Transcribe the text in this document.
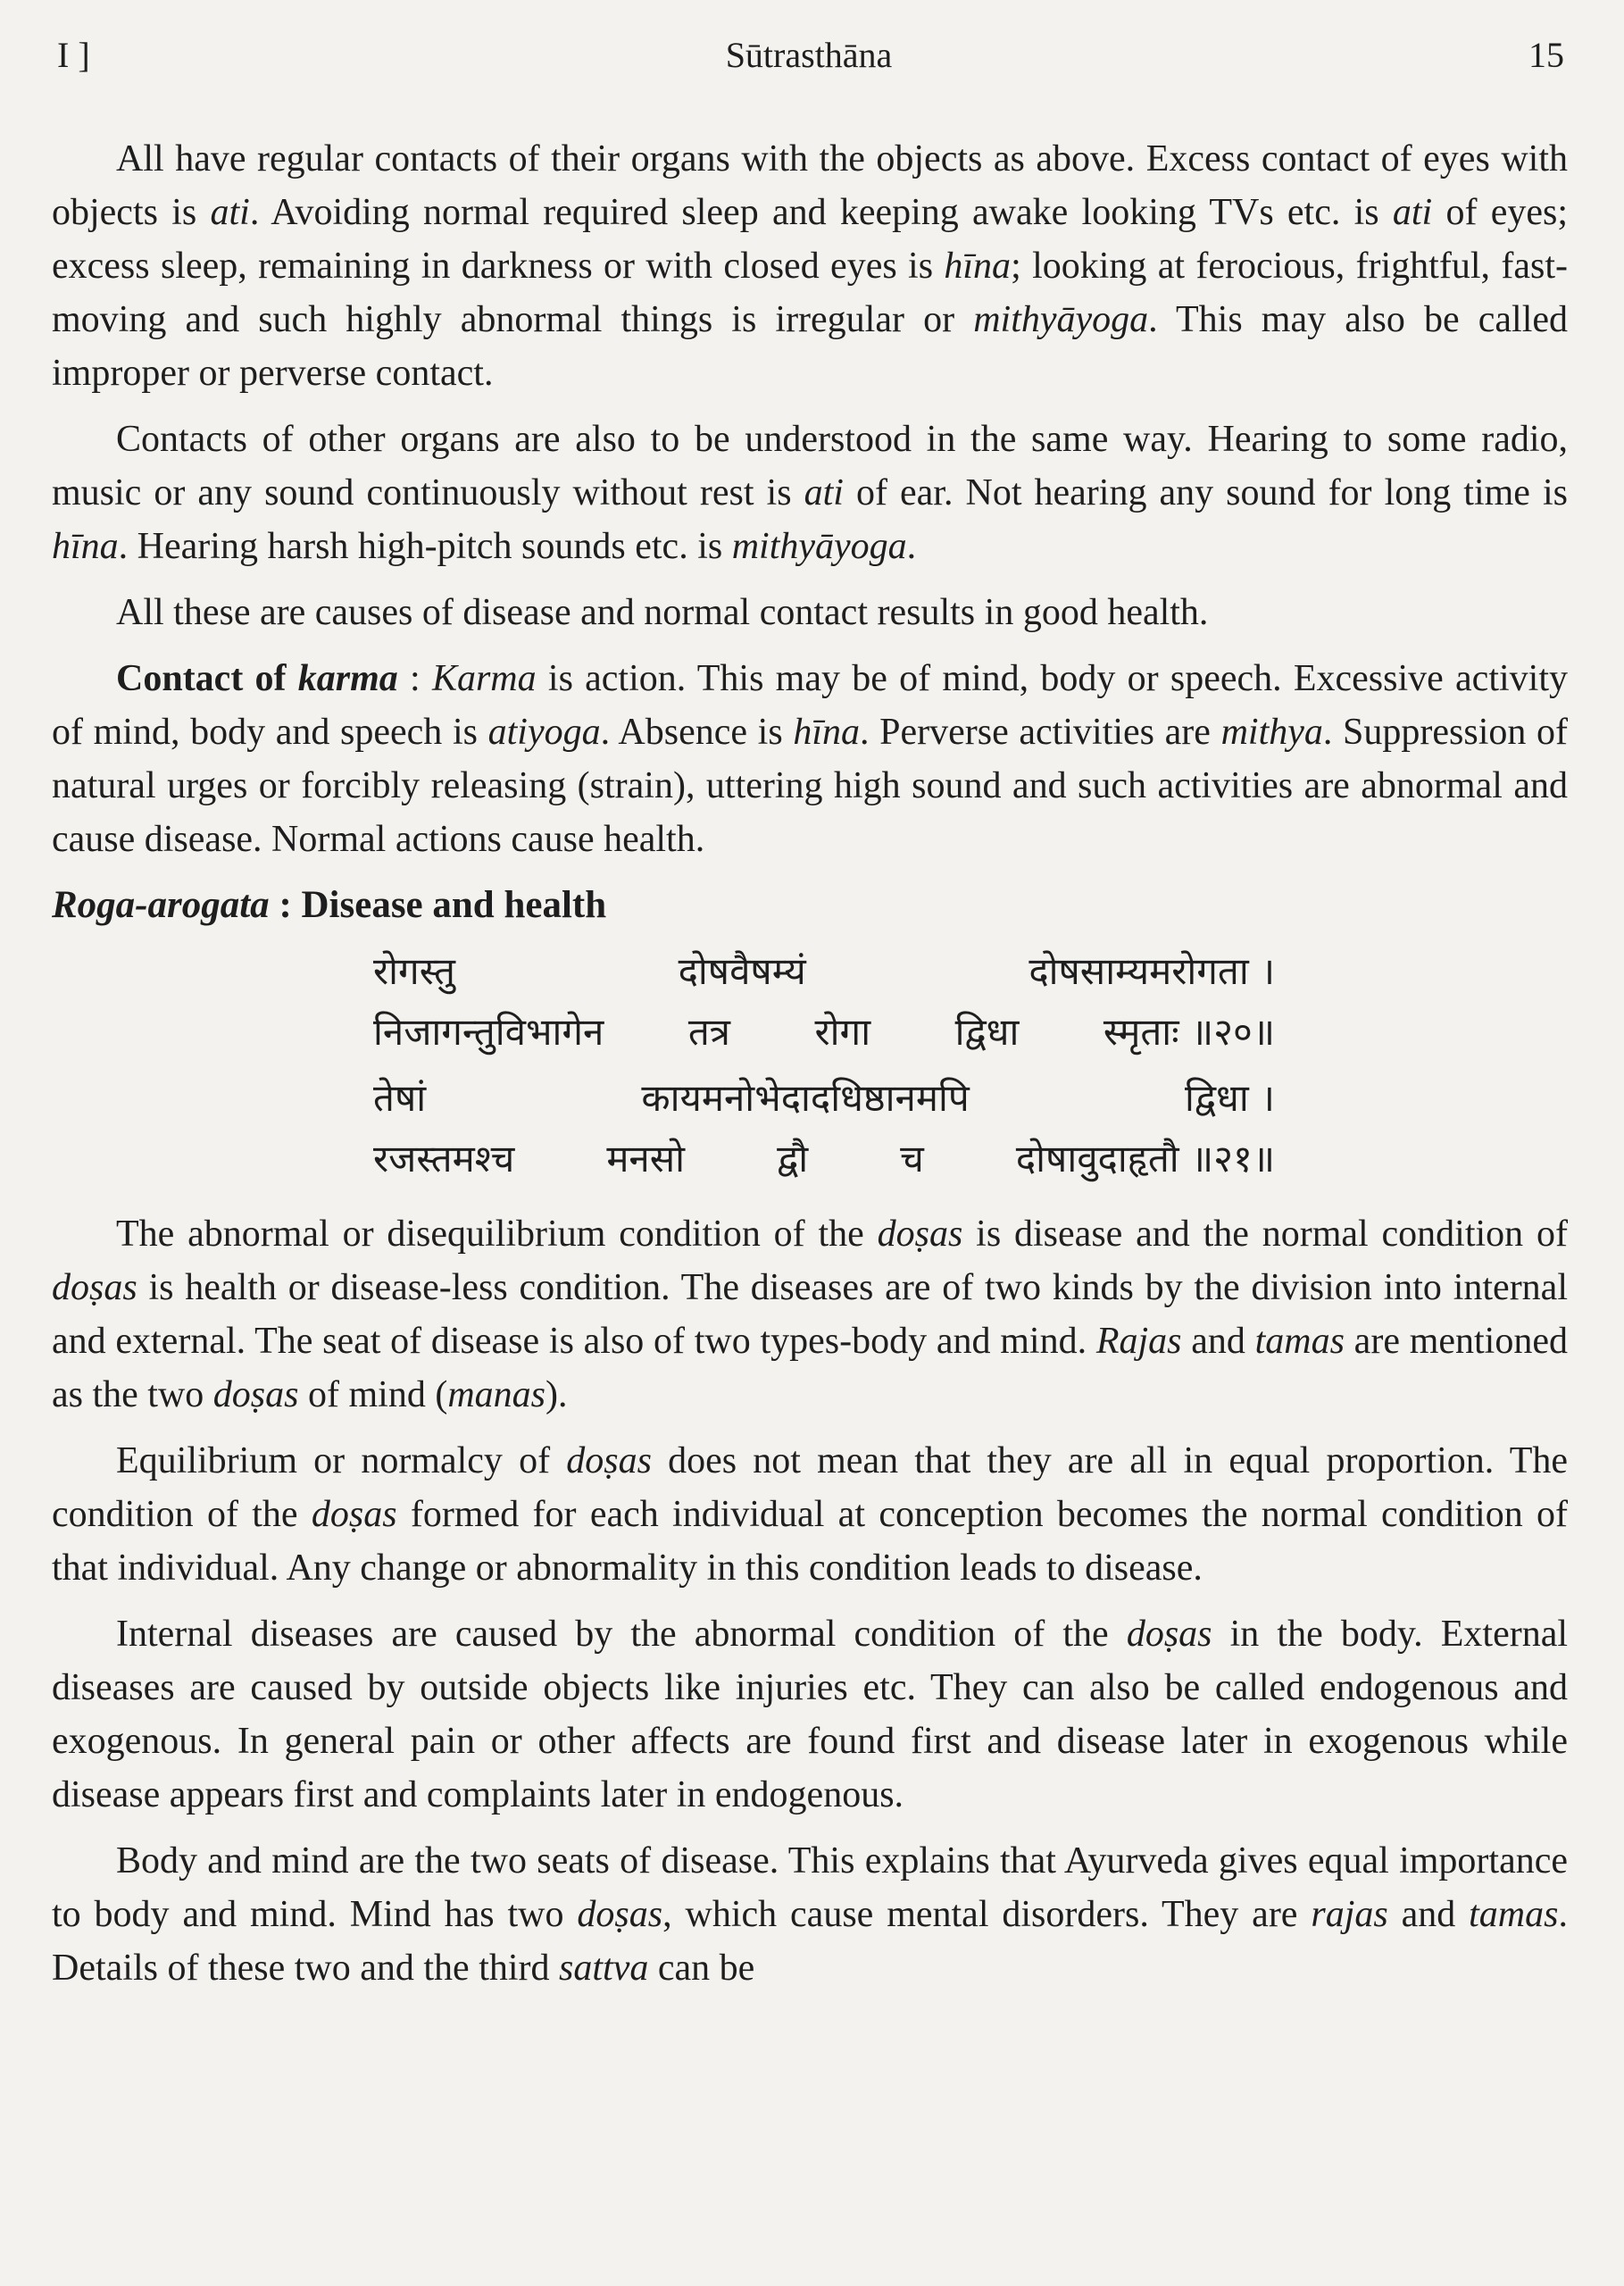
I ]	Sūtrasthāna	15

All have regular contacts of their organs with the objects as above. Excess contact of eyes with objects is ati. Avoiding normal required sleep and keeping awake looking TVs etc. is ati of eyes; excess sleep, remaining in darkness or with closed eyes is hīna; looking at ferocious, frightful, fast-moving and such highly abnormal things is irregular or mithyāyoga. This may also be called improper or perverse contact.

Contacts of other organs are also to be understood in the same way. Hearing to some radio, music or any sound continuously without rest is ati of ear. Not hearing any sound for long time is hīna. Hearing harsh high-pitch sounds etc. is mithyāyoga.

All these are causes of disease and normal contact results in good health.

Contact of karma : Karma is action. This may be of mind, body or speech. Excessive activity of mind, body and speech is atiyoga. Absence is hīna. Perverse activities are mithya. Suppression of natural urges or forcibly releasing (strain), uttering high sound and such activities are abnormal and cause disease. Normal actions cause health.

Roga-arogata : Disease and health
रोगस्तु	दोषवैषम्यं	दोषसाम्यमरोगता ।
निजागन्तुविभागेन तत्र रोगा द्विधा स्मृताः ॥२०॥
तेषां	कायमनोभेदादधिष्ठानमपि	द्विधा ।
रजस्तमश्च मनसो द्वौ च दोषावुदाहृतौ ॥२१॥

The abnormal or disequilibrium condition of the doṣas is disease and the normal condition of doṣas is health or disease-less condition. The diseases are of two kinds by the division into internal and external. The seat of disease is also of two types-body and mind. Rajas and tamas are mentioned as the two doṣas of mind (manas).

Equilibrium or normalcy of doṣas does not mean that they are all in equal proportion. The condition of the doṣas formed for each individual at conception becomes the normal condition of that individual. Any change or abnormality in this condition leads to disease.

Internal diseases are caused by the abnormal condition of the doṣas in the body. External diseases are caused by outside objects like injuries etc. They can also be called endogenous and exogenous. In general pain or other affects are found first and disease later in exogenous while disease appears first and complaints later in endogenous.

Body and mind are the two seats of disease. This explains that Ayurveda gives equal importance to body and mind. Mind has two doṣas, which cause mental disorders. They are rajas and tamas. Details of these two and the third sattva can be
